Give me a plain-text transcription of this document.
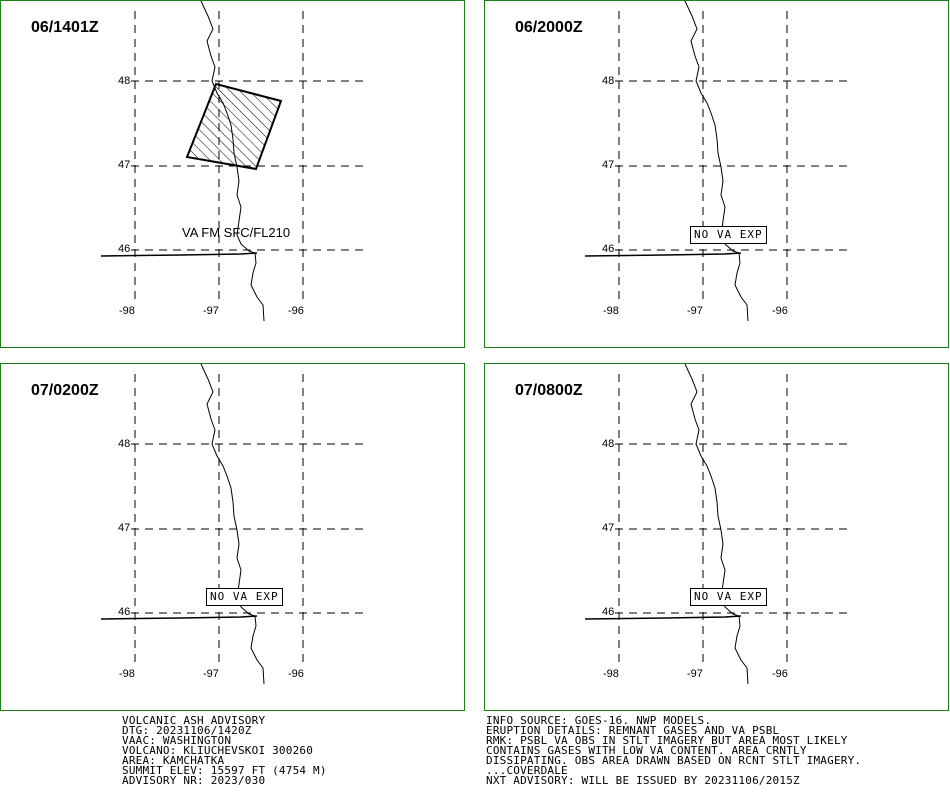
06/1401Z
48
47
46
-98	-97	-96
VA FM SFC/FL210
06/2000Z
48
47
46
-98	-97	-96
NO VA EXP
07/0200Z
48
47
46
-98	-97	-96
NO VA EXP
07/0800Z
48
47
46
-98	-97	-96
NO VA EXP
VOLCANIC ASH ADVISORY
DTG: 20231106/1420Z
VAAC: WASHINGTON
VOLCANO: KLIUCHEVSKOI 300260
AREA: KAMCHATKA
SUMMIT ELEV: 15597 FT (4754 M)
ADVISORY NR: 2023/030
INFO SOURCE: GOES-16. NWP MODELS.
ERUPTION DETAILS: REMNANT GASES AND VA PSBL
RMK: PSBL VA OBS IN STLT IMAGERY BUT AREA MOST LIKELY
CONTAINS GASES WITH LOW VA CONTENT. AREA CRNTLY
DISSIPATING. OBS AREA DRAWN BASED ON RCNT STLT IMAGERY.
...COVERDALE
NXT ADVISORY: WILL BE ISSUED BY 20231106/2015Z
